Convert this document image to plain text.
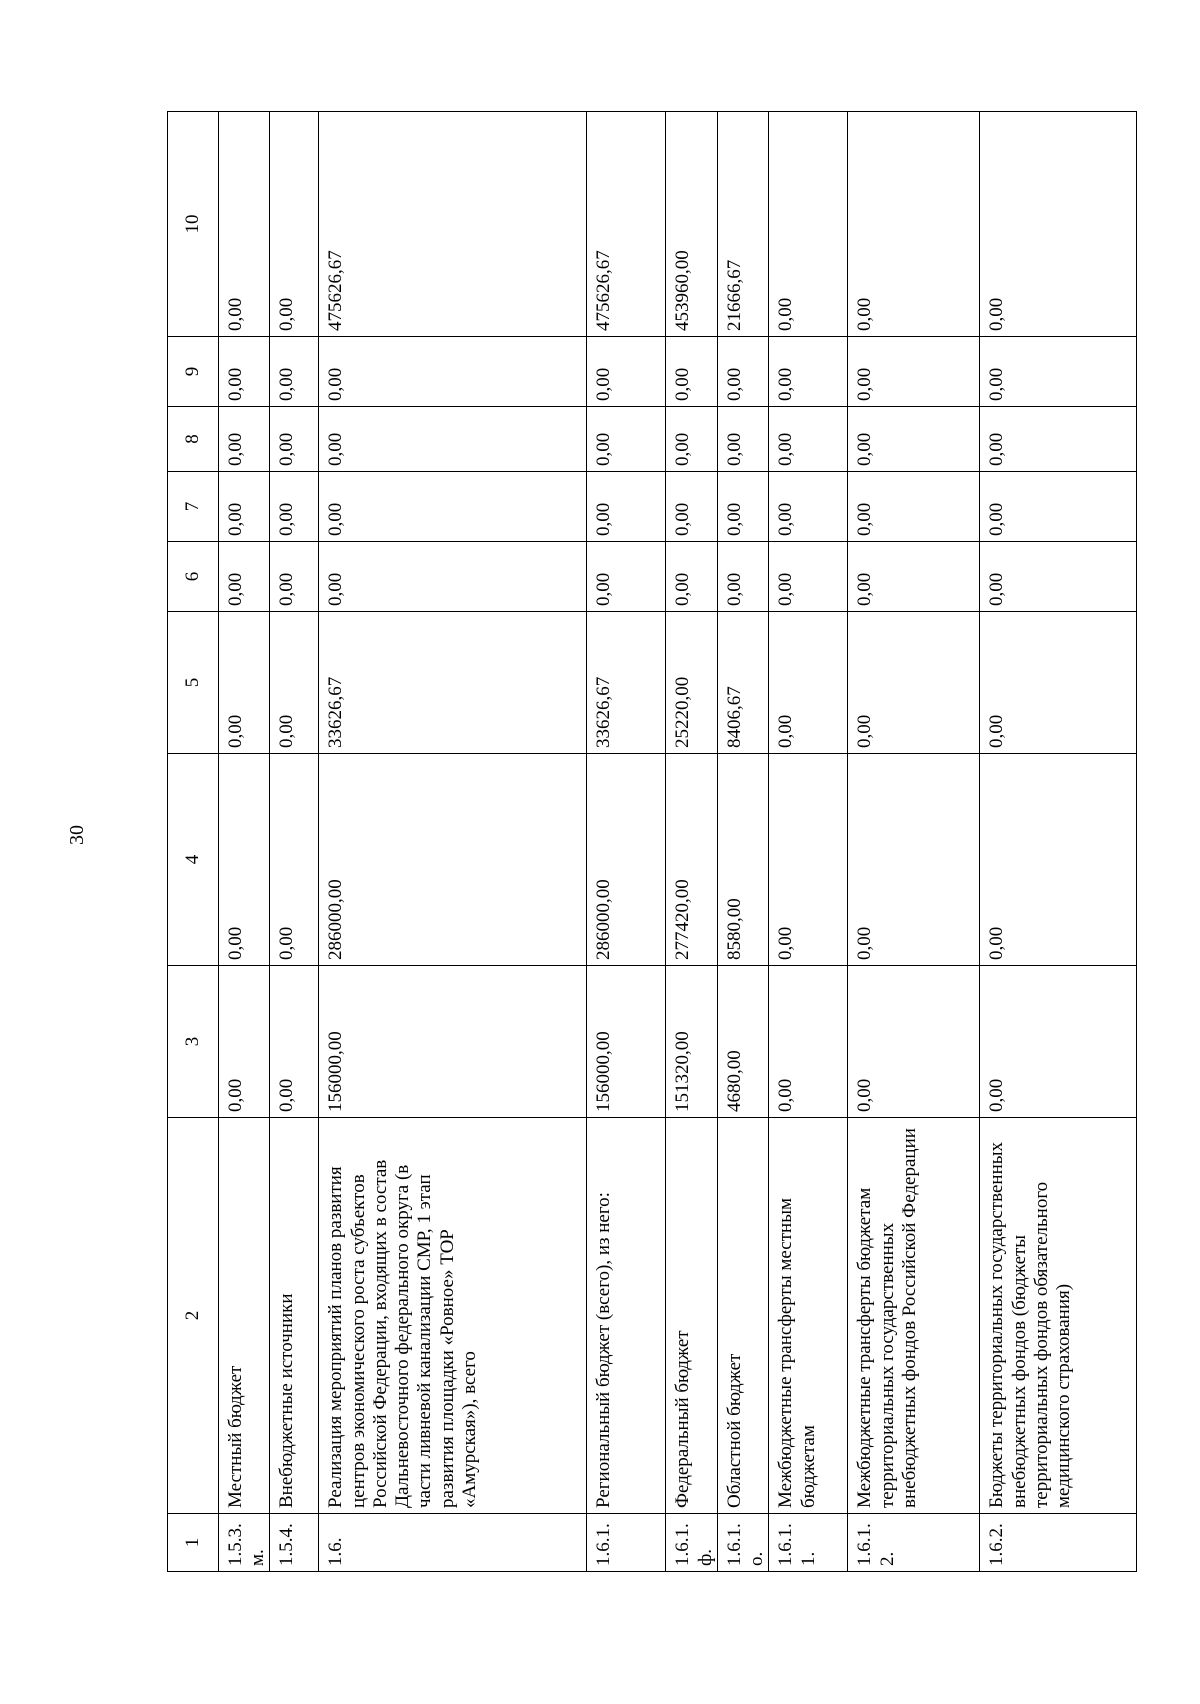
30
1	2	3	4	5	6	7	8	9	10
1.5.3.м.	Местный бюджет	0,00	0,00	0,00	0,00	0,00	0,00	0,00	0,00
1.5.4.	Внебюджетные источники	0,00	0,00	0,00	0,00	0,00	0,00	0,00	0,00
1.6.	Реализация мероприятий планов развития центров экономического роста субъектов Российской Федерации, входящих в состав Дальневосточного федерального округа (в части ливневой канализации СМР, 1 этап развития площадки «Ровное» ТОР «Амурская»), всего	156000,00	286000,00	33626,67	0,00	0,00	0,00	0,00	475626,67
1.6.1.	Региональный бюджет (всего), из него:	156000,00	286000,00	33626,67	0,00	0,00	0,00	0,00	475626,67
1.6.1.ф.	Федеральный бюджет	151320,00	277420,00	25220,00	0,00	0,00	0,00	0,00	453960,00
1.6.1.о.	Областной бюджет	4680,00	8580,00	8406,67	0,00	0,00	0,00	0,00	21666,67
1.6.1.1.	Межбюджетные трансферты местным бюджетам	0,00	0,00	0,00	0,00	0,00	0,00	0,00	0,00
1.6.1.2.	Межбюджетные трансферты бюджетам территориальных государственных внебюджетных фондов Российской Федерации	0,00	0,00	0,00	0,00	0,00	0,00	0,00	0,00
1.6.2.	Бюджеты территориальных государственных внебюджетных фондов (бюджеты территориальных фондов обязательного медицинского страхования)	0,00	0,00	0,00	0,00	0,00	0,00	0,00	0,00
